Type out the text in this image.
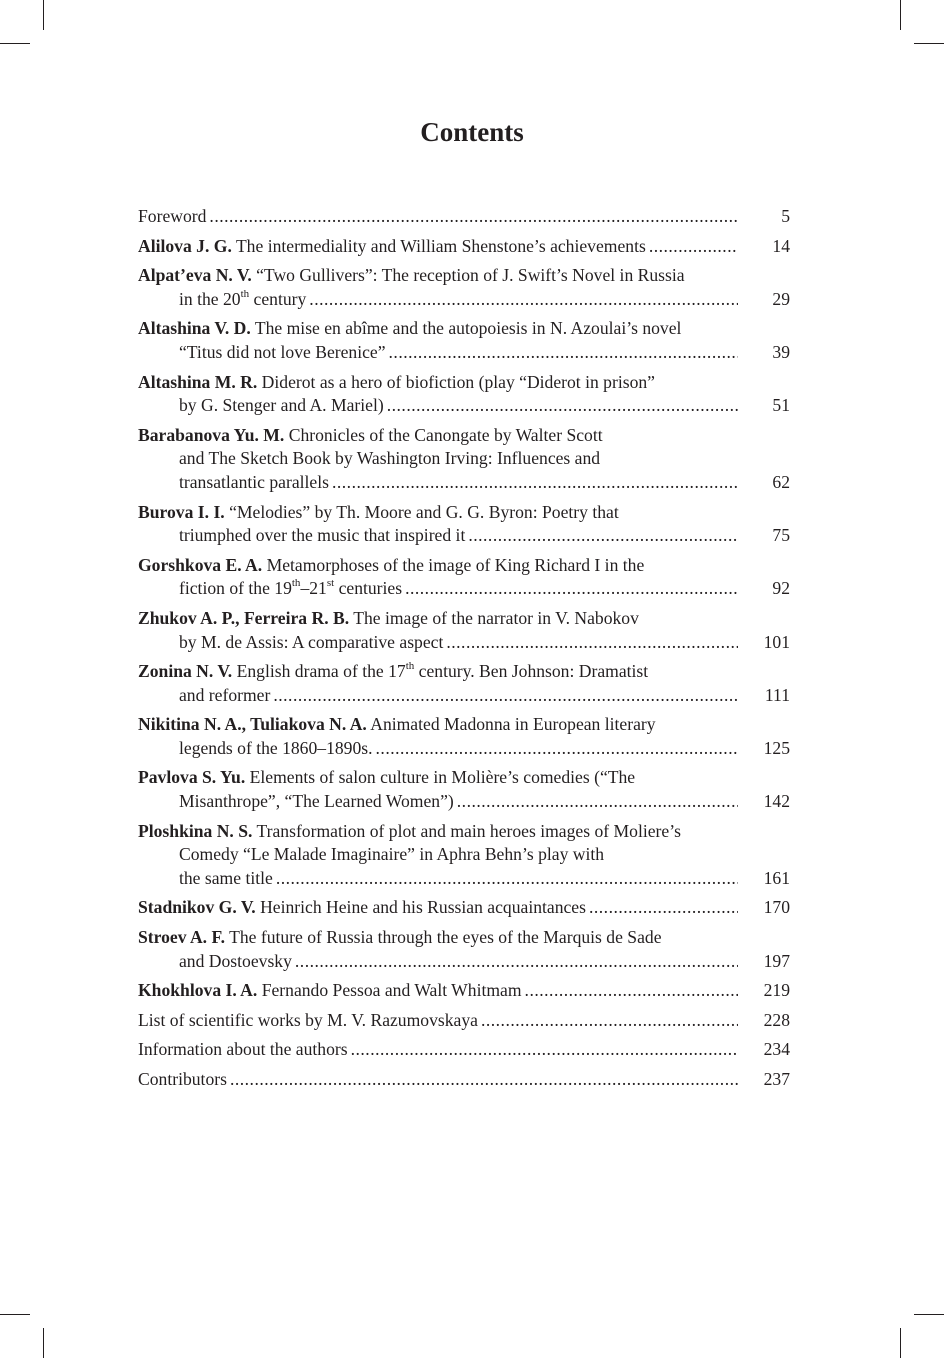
Contents
Foreword .....	5
Alilova J. G. The intermediality and William Shenstone’s achievements .....	14
Alpat’eva N. V. “Two Gullivers”: The reception of J. Swift’s Novel in Russia
in the 20th century .....	29
Altashina V. D. The mise en abîme and the autopoiesis in N. Azoulai’s novel
“Titus did not love Berenice” .....	39
Altashina M. R. Diderot as a hero of biofiction (play “Diderot in prison”
by G. Stenger and A. Mariel) .....	51
Barabanova Yu. M. Chronicles of the Canongate by Walter Scott
and The Sketch Book by Washington Irving: Influences and
transatlantic parallels .....	62
Burova I. I. “Melodies” by Th. Moore and G. G. Byron: Poetry that
triumphed over the music that inspired it .....	75
Gorshkova E. A. Metamorphoses of the image of King Richard I in the
fiction of the 19th–21st centuries .....	92
Zhukov A. P., Ferreira R. B. The image of the narrator in V. Nabokov
by M. de Assis: A comparative aspect .....	101
Zonina N. V. English drama of the 17th century. Ben Johnson: Dramatist
and reformer .....	111
Nikitina N. A., Tuliakova N. A. Animated Madonna in European literary
legends of the 1860–1890s. .....	125
Pavlova S. Yu. Elements of salon culture in Molière’s comedies (“The
Misanthrope”, “The Learned Women”) .....	142
Ploshkina N. S. Transformation of plot and main heroes images of Moliere’s
Comedy “Le Malade Imaginaire” in Aphra Behn’s play with
the same title .....	161
Stadnikov G. V. Heinrich Heine and his Russian acquaintances .....	170
Stroev A. F. The future of Russia through the eyes of the Marquis de Sade
and Dostoevsky .....	197
Khokhlova I. A. Fernando Pessoa and Walt Whitmam .....	219
List of scientific works by M. V. Razumovskaya .....	228
Information about the authors .....	234
Contributors .....	237
